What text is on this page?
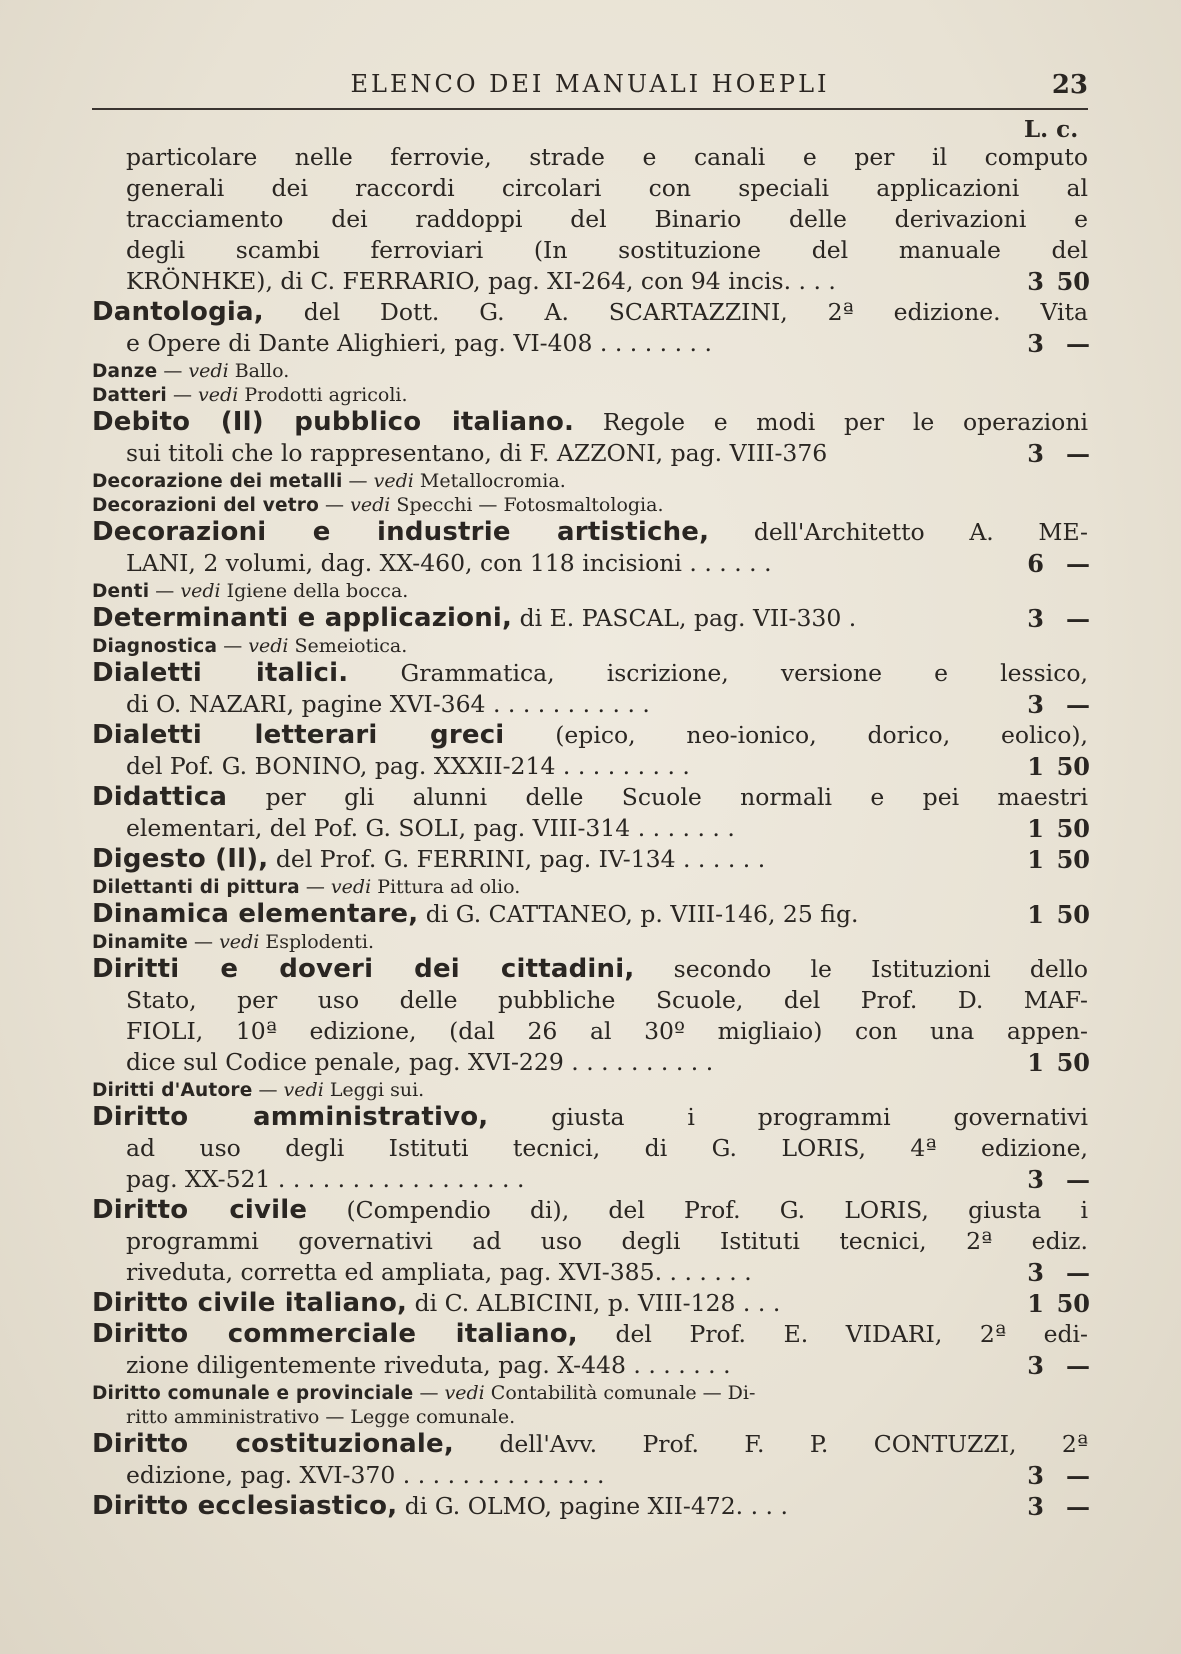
ELENCO DEI MANUALI HOEPLI	23
L. c.
particolare nelle ferrovie, strade e canali e per il computo
generali dei raccordi circolari con speciali applicazioni al
tracciamento dei raddoppi del Binario delle derivazioni e
degli scambi ferroviari (In sostituzione del manuale del
KRÖNHKE), di C. FERRARIO, pag. XI-264, con 94 incis. . . .	3 50
Dantologia, del Dott. G. A. SCARTAZZINI, 2ª edizione. Vita
e Opere di Dante Alighieri, pag. VI-408 . . . . . . . .	3 —
Danze — vedi Ballo.
Datteri — vedi Prodotti agricoli.
Debito (Il) pubblico italiano. Regole e modi per le operazioni
sui titoli che lo rappresentano, di F. AZZONI, pag. VIII-376	3 —
Decorazione dei metalli — vedi Metallocromia.
Decorazioni del vetro — vedi Specchi — Fotosmaltologia.
Decorazioni e industrie artistiche, dell'Architetto A. ME-
LANI, 2 volumi, dag. XX-460, con 118 incisioni . . . . . .	6 —
Denti — vedi Igiene della bocca.
Determinanti e applicazioni, di E. PASCAL, pag. VII-330 .	3 —
Diagnostica — vedi Semeiotica.
Dialetti italici. Grammatica, iscrizione, versione e lessico,
di O. NAZARI, pagine XVI-364 . . . . . . . . . . .	3 —
Dialetti letterari greci (epico, neo-ionico, dorico, eolico),
del Pof. G. BONINO, pag. XXXII-214 . . . . . . . . .	1 50
Didattica per gli alunni delle Scuole normali e pei maestri
elementari, del Pof. G. SOLI, pag. VIII-314 . . . . . . .	1 50
Digesto (Il), del Prof. G. FERRINI, pag. IV-134 . . . . . .	1 50
Dilettanti di pittura — vedi Pittura ad olio.
Dinamica elementare, di G. CATTANEO, p. VIII-146, 25 fig.	1 50
Dinamite — vedi Esplodenti.
Diritti e doveri dei cittadini, secondo le Istituzioni dello
Stato, per uso delle pubbliche Scuole, del Prof. D. MAF-
FIOLI, 10ª edizione, (dal 26 al 30º migliaio) con una appen-
dice sul Codice penale, pag. XVI-229 . . . . . . . . . .	1 50
Diritti d'Autore — vedi Leggi sui.
Diritto amministrativo,	giusta i programmi governativi
ad uso degli Istituti tecnici, di G. LORIS, 4ª edizione,
pag. XX-521 . . . . . . . . . . . . . . . . .	3 —
Diritto civile (Compendio di), del Prof. G. LORIS, giusta i
programmi governativi ad uso degli Istituti tecnici, 2ª ediz.
riveduta, corretta ed ampliata, pag. XVI-385. . . . . . .	3 —
Diritto civile italiano, di C. ALBICINI, p. VIII-128 . . .	1 50
Diritto commerciale italiano, del Prof. E. VIDARI, 2ª edi-
zione diligentemente riveduta, pag. X-448 . . . . . . .	3 —
Diritto comunale e provinciale — vedi Contabilità comunale — Di-
ritto amministrativo — Legge comunale.
Diritto costituzionale, dell'Avv. Prof. F. P. CONTUZZI, 2ª
edizione, pag. XVI-370 . . . . . . . . . . . . . .	3 —
Diritto ecclesiastico, di G. OLMO, pagine XII-472. . . .	3 —
